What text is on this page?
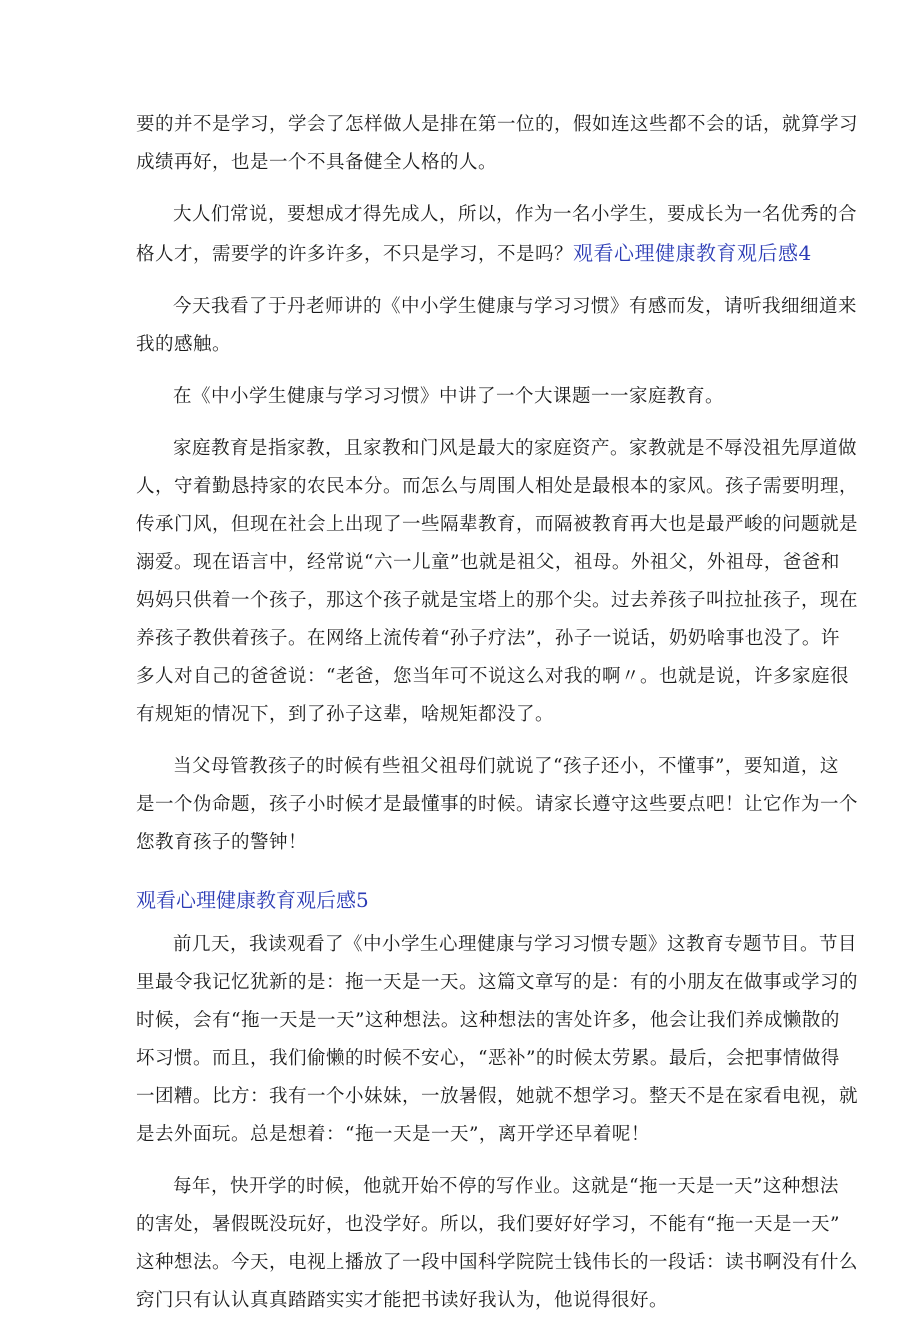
要的并不是学习，学会了怎样做人是排在第一位的，假如连这些都不会的话，就算学习
成绩再好，也是一个不具备健全人格的人。

大人们常说，要想成才得先成人，所以，作为一名小学生，要成长为一名优秀的合
格人才，需要学的许多许多，不只是学习，不是吗？观看心理健康教育观后感4

今天我看了于丹老师讲的《中小学生健康与学习习惯》有感而发，请听我细细道来
我的感触。

在《中小学生健康与学习习惯》中讲了一个大课题一一家庭教育。

家庭教育是指家教，且家教和门风是最大的家庭资产。家教就是不辱没祖先厚道做
人，守着勤恳持家的农民本分。而怎么与周围人相处是最根本的家风。孩子需要明理，
传承门风，但现在社会上出现了一些隔辈教育，而隔被教育再大也是最严峻的问题就是
溺爱。现在语言中，经常说“六一儿童”也就是祖父，祖母。外祖父，外祖母，爸爸和
妈妈只供着一个孩子，那这个孩子就是宝塔上的那个尖。过去养孩子叫拉扯孩子，现在
养孩子教供着孩子。在网络上流传着“孙子疗法”，孙子一说话，奶奶啥事也没了。许
多人对自己的爸爸说：“老爸，您当年可不说这么对我的啊〃。也就是说，许多家庭很
有规矩的情况下，到了孙子这辈，啥规矩都没了。

当父母管教孩子的时候有些祖父祖母们就说了“孩子还小，不懂事”，要知道，这
是一个伪命题，孩子小时候才是最懂事的时候。请家长遵守这些要点吧！让它作为一个
您教育孩子的警钟！

观看心理健康教育观后感5

前几天，我读观看了《中小学生心理健康与学习习惯专题》这教育专题节目。节目
里最令我记忆犹新的是：拖一天是一天。这篇文章写的是：有的小朋友在做事或学习的
时候，会有“拖一天是一天”这种想法。这种想法的害处许多，他会让我们养成懒散的
坏习惯。而且，我们偷懒的时候不安心，“恶补”的时候太劳累。最后，会把事情做得
一团糟。比方：我有一个小妹妹，一放暑假，她就不想学习。整天不是在家看电视，就
是去外面玩。总是想着：“拖一天是一天”，离开学还早着呢！

每年，快开学的时候，他就开始不停的写作业。这就是“拖一天是一天”这种想法
的害处，暑假既没玩好，也没学好。所以，我们要好好学习，不能有“拖一天是一天”
这种想法。今天，电视上播放了一段中国科学院院士钱伟长的一段话：读书啊没有什么
窍门只有认认真真踏踏实实才能把书读好我认为，他说得很好。
